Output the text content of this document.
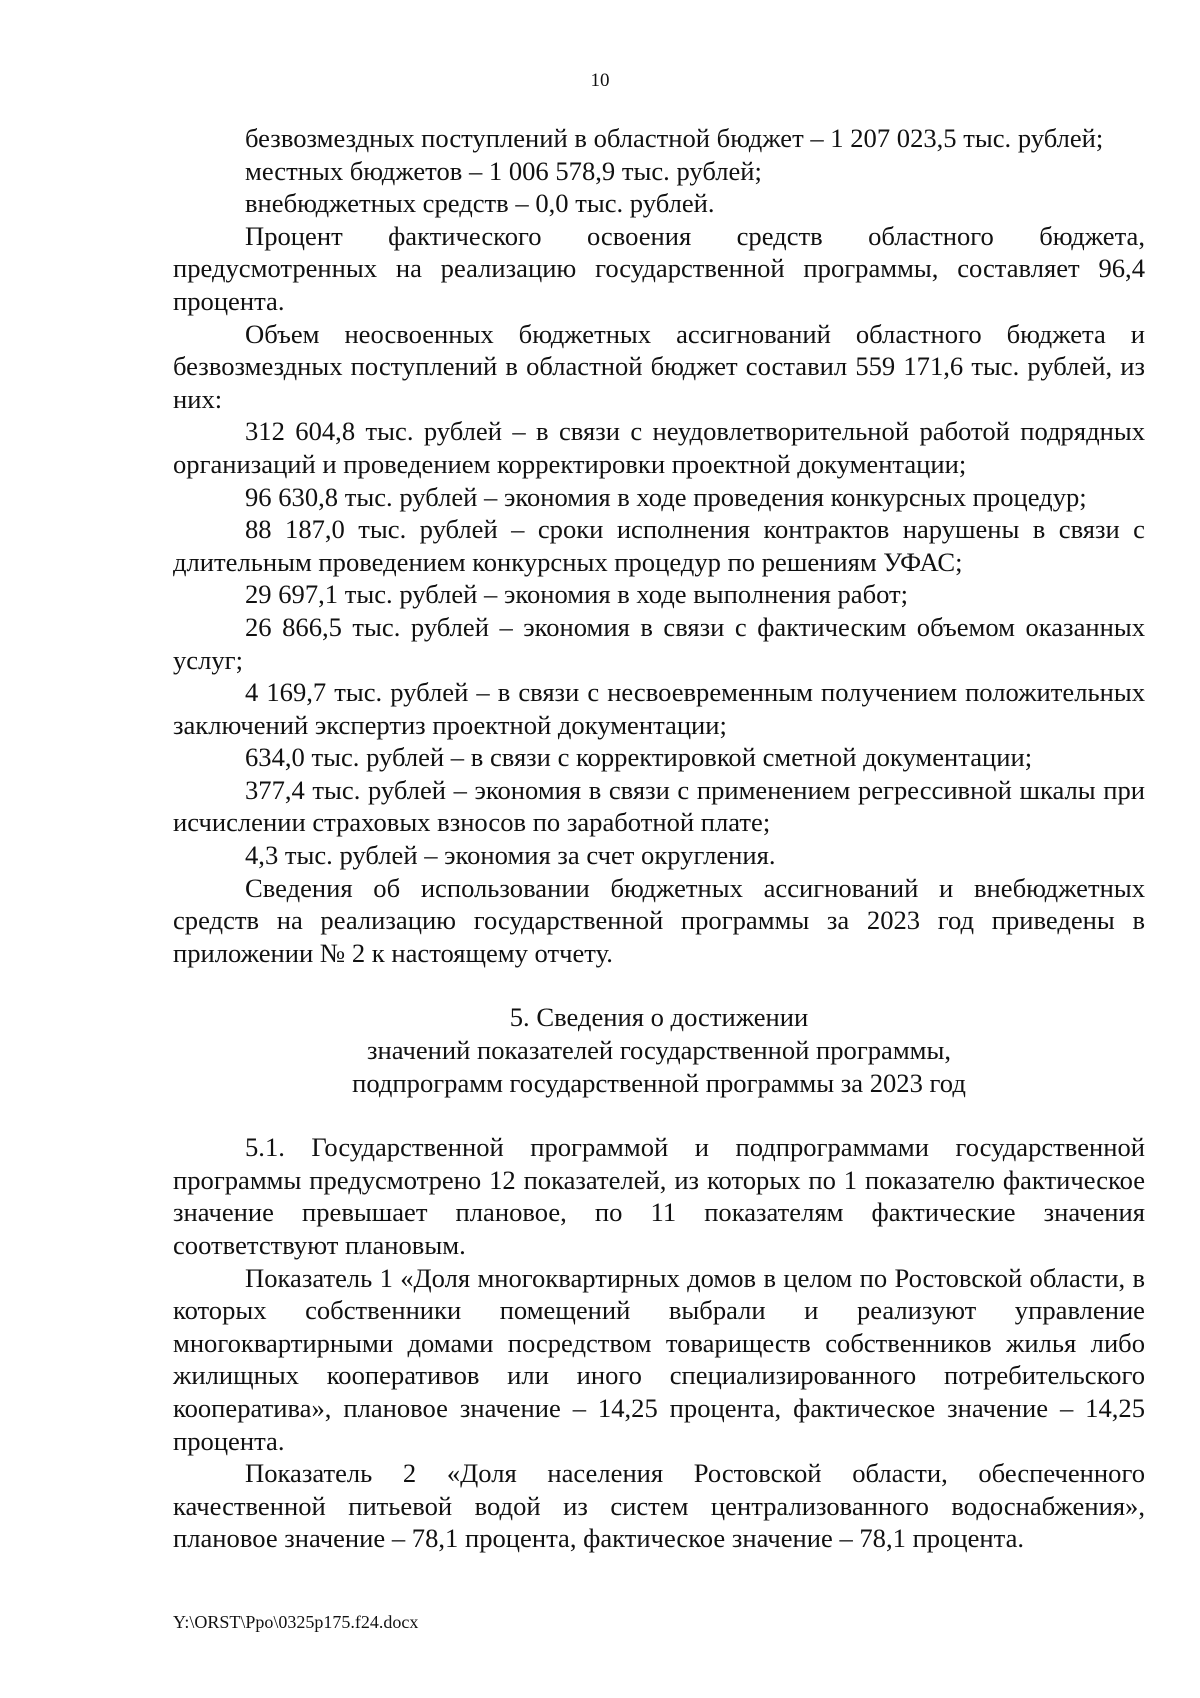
10

безвозмездных поступлений в областной бюджет – 1 207 023,5 тыс. рублей;

местных бюджетов – 1 006 578,9 тыс. рублей;

внебюджетных средств – 0,0 тыс. рублей.

Процент фактического освоения средств областного бюджета, предусмотренных на реализацию государственной программы, составляет 96,4 процента.

Объем неосвоенных бюджетных ассигнований областного бюджета и безвозмездных поступлений в областной бюджет составил 559 171,6 тыс. рублей, из них:

312 604,8 тыс. рублей – в связи с неудовлетворительной работой подрядных организаций и проведением корректировки проектной документации;

96 630,8 тыс. рублей – экономия в ходе проведения конкурсных процедур;

88 187,0 тыс. рублей – сроки исполнения контрактов нарушены в связи с длительным проведением конкурсных процедур по решениям УФАС;

29 697,1 тыс. рублей – экономия в ходе выполнения работ;

26 866,5 тыс. рублей – экономия в связи с фактическим объемом оказанных услуг;

4 169,7 тыс. рублей – в связи с несвоевременным получением положительных заключений экспертиз проектной документации;

634,0 тыс. рублей – в связи с корректировкой сметной документации;

377,4 тыс. рублей – экономия в связи с применением регрессивной шкалы при исчислении страховых взносов по заработной плате;

4,3 тыс. рублей – экономия за счет округления.

Сведения об использовании бюджетных ассигнований и внебюджетных средств на реализацию государственной программы за 2023 год приведены в приложении № 2 к настоящему отчету.

5. Сведения о достижении
значений показателей государственной программы,
подпрограмм государственной программы за 2023 год

5.1. Государственной программой и подпрограммами государственной программы предусмотрено 12 показателей, из которых по 1 показателю фактическое значение превышает плановое, по 11 показателям фактические значения соответствуют плановым.

Показатель 1 «Доля многоквартирных домов в целом по Ростовской области, в которых собственники помещений выбрали и реализуют управление многоквартирными домами посредством товариществ собственников жилья либо жилищных кооперативов или иного специализированного потребительского кооператива», плановое значение – 14,25 процента, фактическое значение – 14,25 процента.

Показатель 2 «Доля населения Ростовской области, обеспеченного качественной питьевой водой из систем централизованного водоснабжения», плановое значение – 78,1 процента, фактическое значение – 78,1 процента.

Y:\ORST\Ppo\0325p175.f24.docx
